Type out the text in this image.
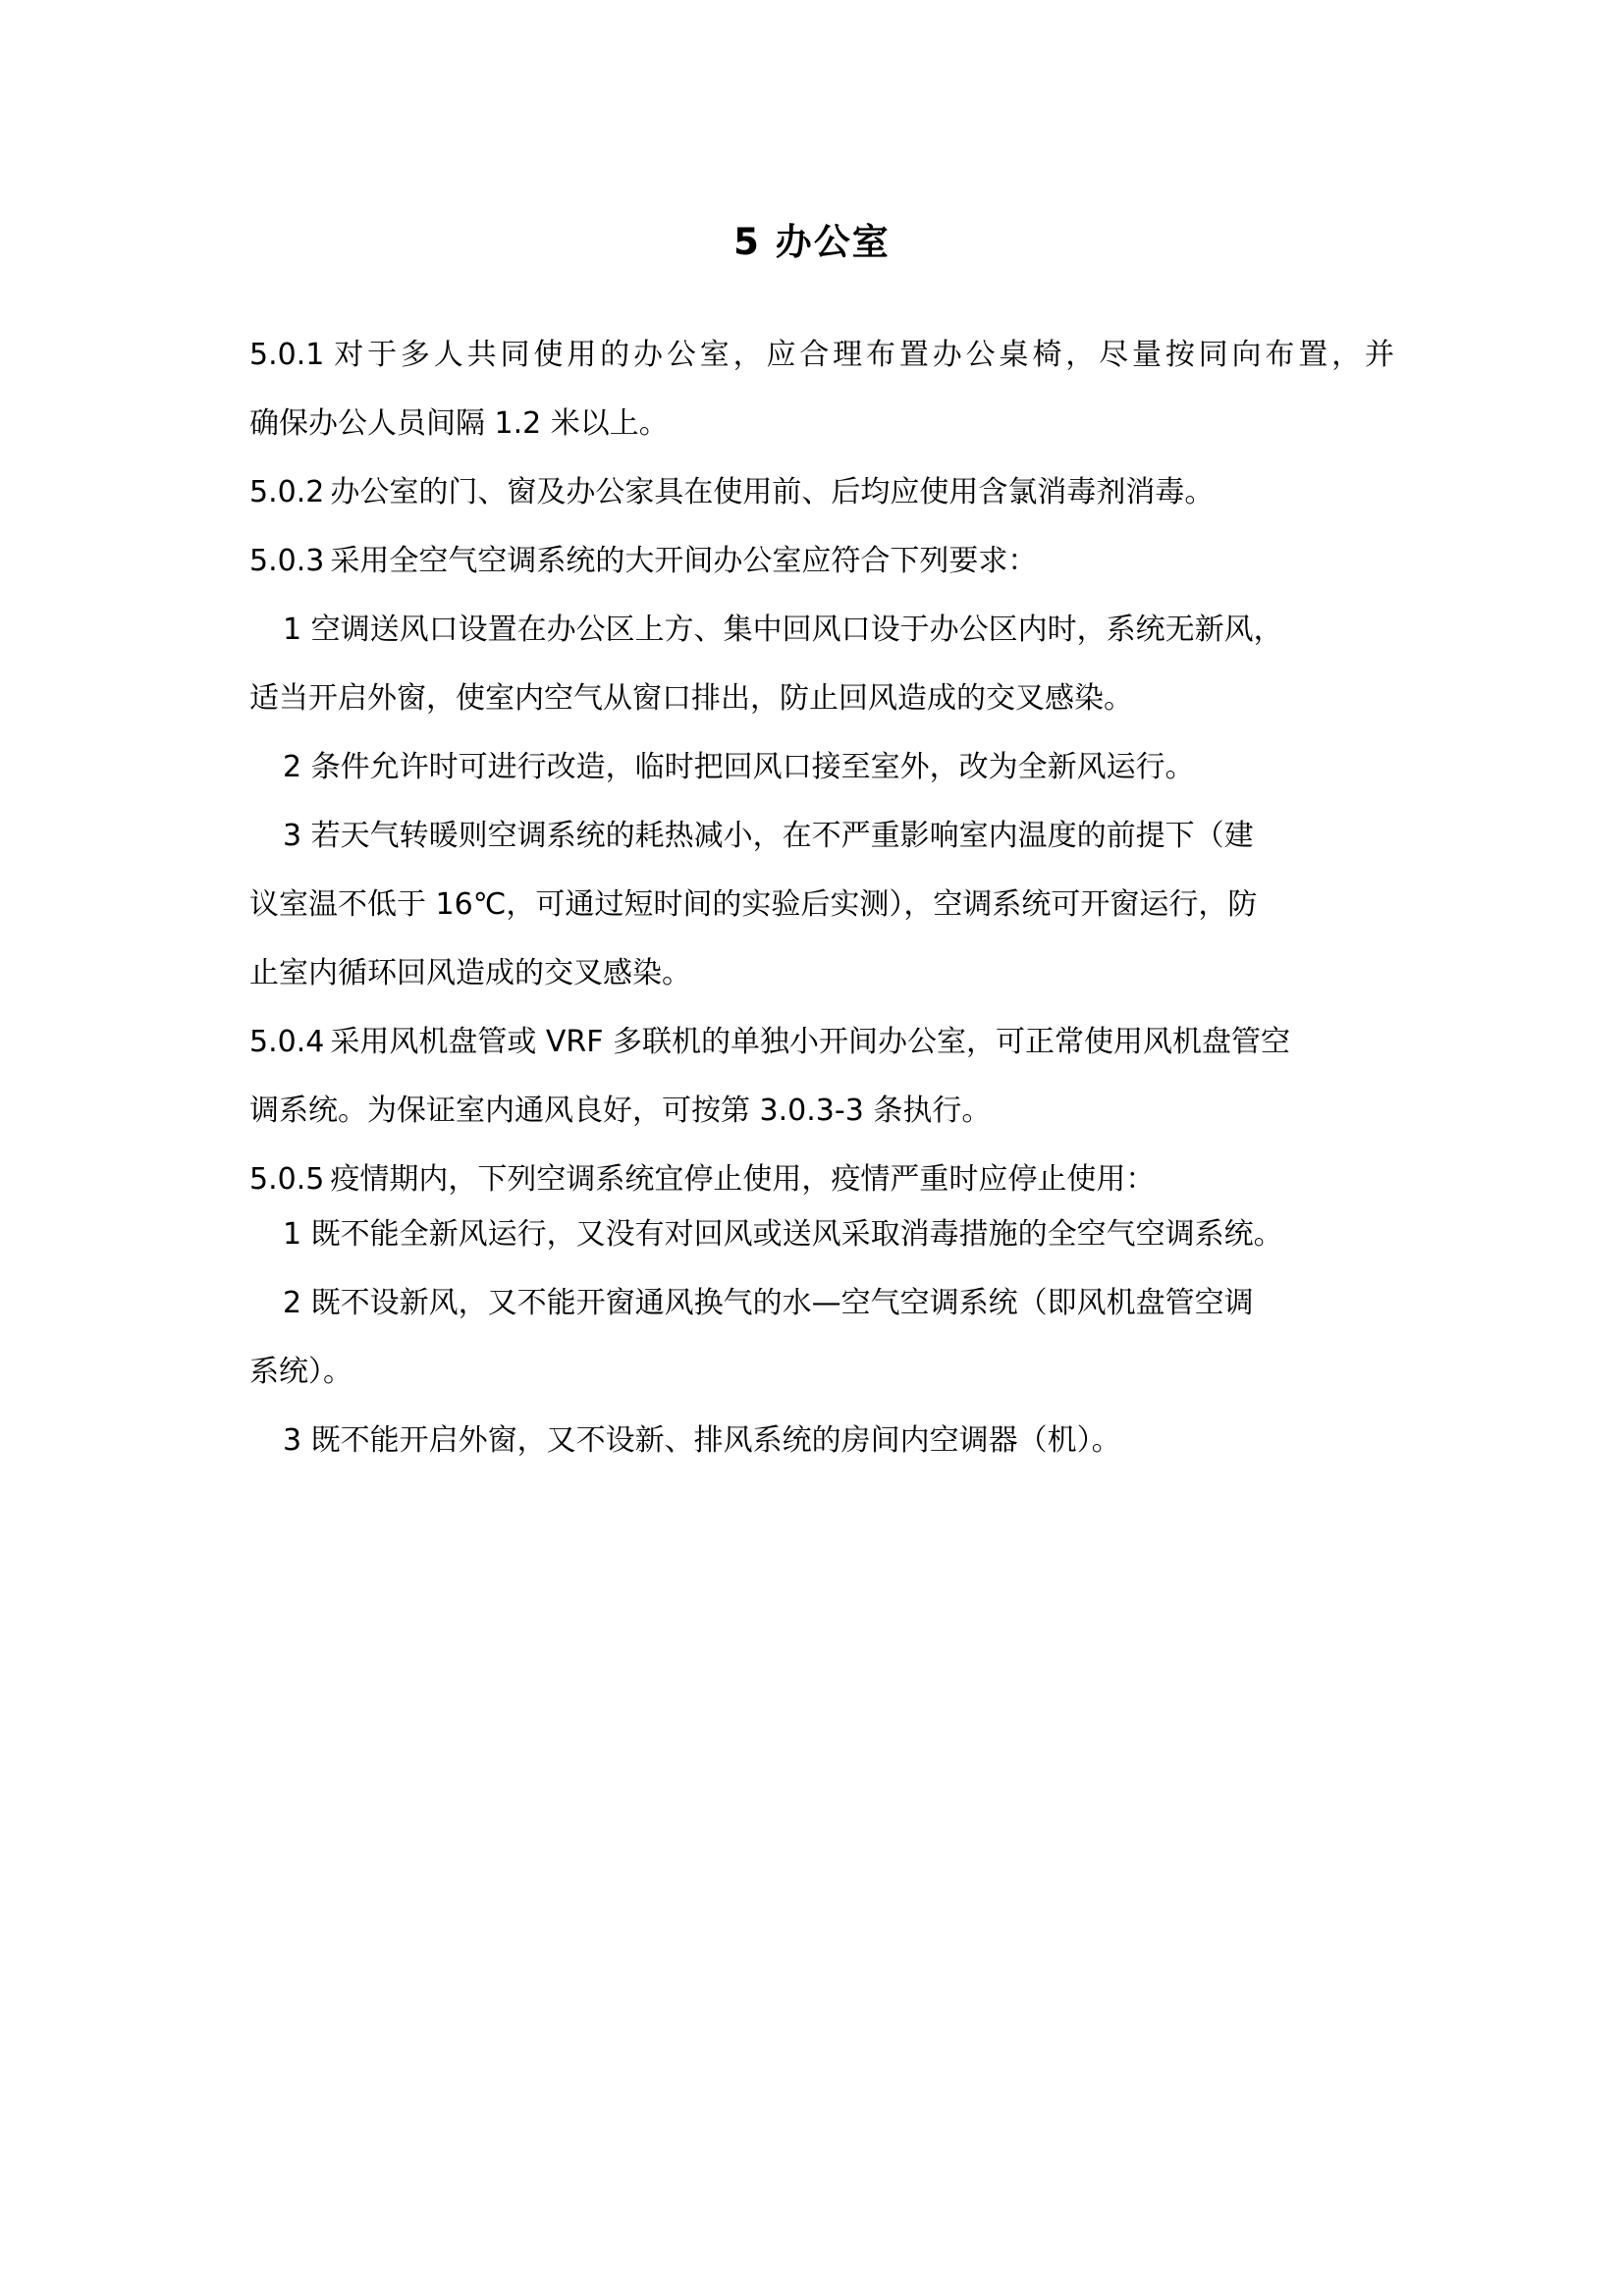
5 办公室
5.0.1 对于多人共同使用的办公室，应合理布置办公桌椅，尽量按同向布置，并
确保办公人员间隔 1.2 米以上。
5.0.2 办公室的门、窗及办公家具在使用前、后均应使用含氯消毒剂消毒。
5.0.3 采用全空气空调系统的大开间办公室应符合下列要求：
1 空调送风口设置在办公区上方、集中回风口设于办公区内时，系统无新风，
适当开启外窗，使室内空气从窗口排出，防止回风造成的交叉感染。
2 条件允许时可进行改造，临时把回风口接至室外，改为全新风运行。
3 若天气转暖则空调系统的耗热减小，在不严重影响室内温度的前提下（建
议室温不低于 16℃，可通过短时间的实验后实测），空调系统可开窗运行，防
止室内循环回风造成的交叉感染。
5.0.4 采用风机盘管或 VRF 多联机的单独小开间办公室，可正常使用风机盘管空
调系统。为保证室内通风良好，可按第 3.0.3-3 条执行。
5.0.5 疫情期内，下列空调系统宜停止使用，疫情严重时应停止使用：
1 既不能全新风运行，又没有对回风或送风采取消毒措施的全空气空调系统。
2 既不设新风，又不能开窗通风换气的水—空气空调系统（即风机盘管空调
系统）。
3 既不能开启外窗，又不设新、排风系统的房间内空调器（机）。
